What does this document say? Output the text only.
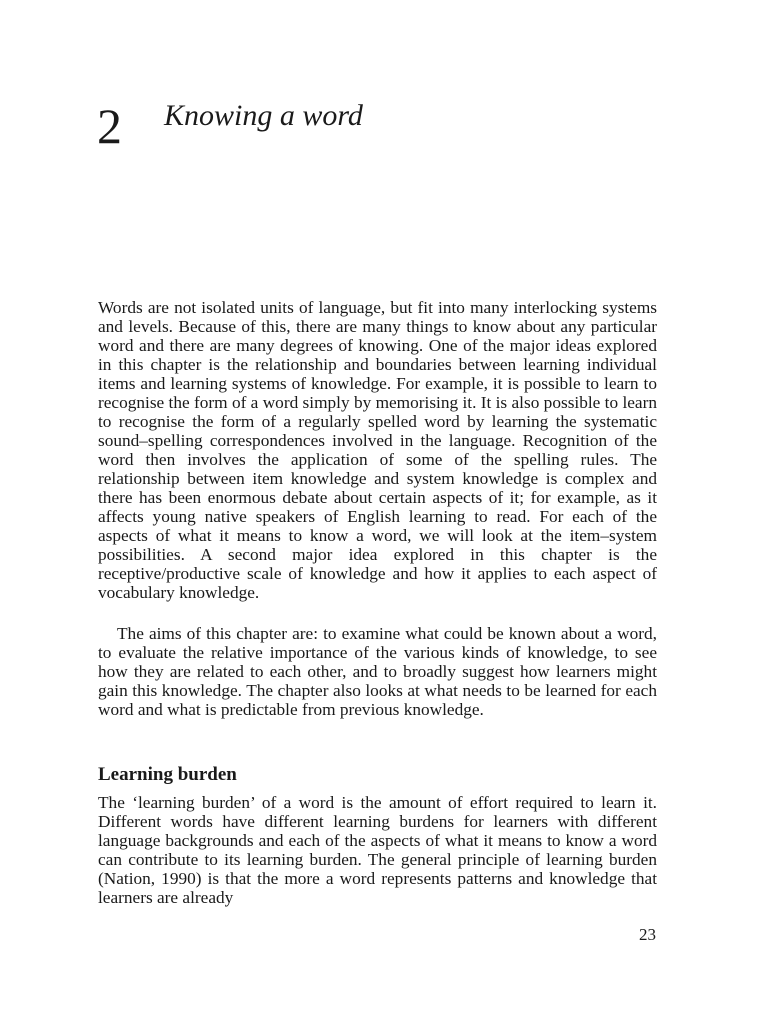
2 Knowing a word

Words are not isolated units of language, but fit into many interlocking systems and levels. Because of this, there are many things to know about any particular word and there are many degrees of knowing. One of the major ideas explored in this chapter is the relationship and boundaries between learning individual items and learning systems of knowledge. For example, it is possible to learn to recognise the form of a word simply by memorising it. It is also possible to learn to recognise the form of a regularly spelled word by learning the systematic sound–spelling correspondences involved in the language. Recognition of the word then involves the application of some of the spelling rules. The relationship between item knowledge and system knowledge is complex and there has been enormous debate about certain aspects of it; for example, as it affects young native speakers of English learning to read. For each of the aspects of what it means to know a word, we will look at the item–system possibilities. A second major idea explored in this chapter is the receptive/productive scale of knowledge and how it applies to each aspect of vocabulary knowledge.

The aims of this chapter are: to examine what could be known about a word, to evaluate the relative importance of the various kinds of knowledge, to see how they are related to each other, and to broadly suggest how learners might gain this knowledge. The chapter also looks at what needs to be learned for each word and what is predictable from previous knowledge.

Learning burden

The ‘learning burden’ of a word is the amount of effort required to learn it. Different words have different learning burdens for learners with different language backgrounds and each of the aspects of what it means to know a word can contribute to its learning burden. The general principle of learning burden (Nation, 1990) is that the more a word represents patterns and knowledge that learners are already

23
